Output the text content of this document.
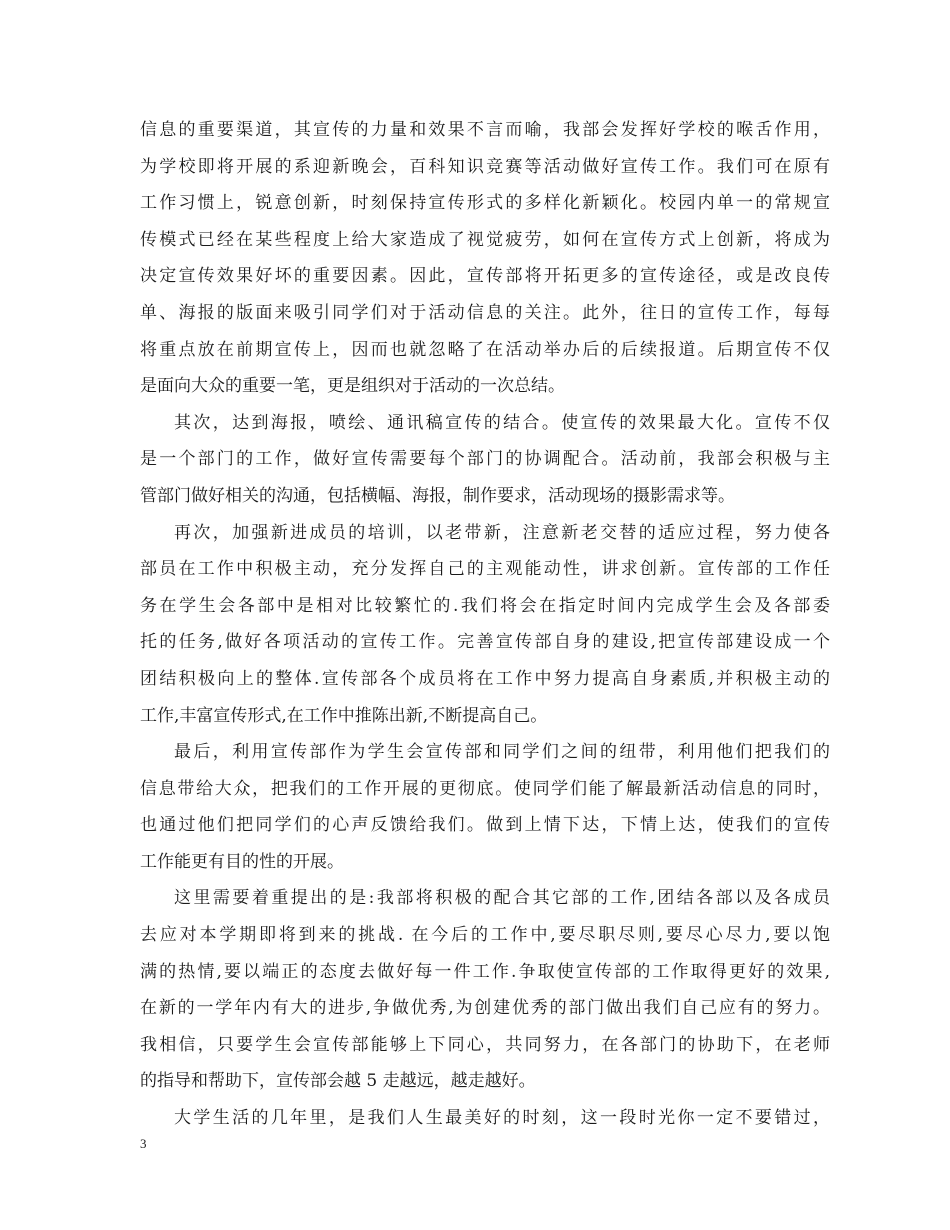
信息的重要渠道，其宣传的力量和效果不言而喻，我部会发挥好学校的喉舌作用，
为学校即将开展的系迎新晚会，百科知识竞赛等活动做好宣传工作。我们可在原有
工作习惯上，锐意创新，时刻保持宣传形式的多样化新颖化。校园内单一的常规宣
传模式已经在某些程度上给大家造成了视觉疲劳，如何在宣传方式上创新，将成为
决定宣传效果好坏的重要因素。因此，宣传部将开拓更多的宣传途径，或是改良传
单、海报的版面来吸引同学们对于活动信息的关注。此外，往日的宣传工作，每每
将重点放在前期宣传上，因而也就忽略了在活动举办后的后续报道。后期宣传不仅
是面向大众的重要一笔，更是组织对于活动的一次总结。
其次，达到海报，喷绘、通讯稿宣传的结合。使宣传的效果最大化。宣传不仅
是一个部门的工作，做好宣传需要每个部门的协调配合。活动前，我部会积极与主
管部门做好相关的沟通，包括横幅、海报，制作要求，活动现场的摄影需求等。
再次，加强新进成员的培训，以老带新，注意新老交替的适应过程，努力使各
部员在工作中积极主动，充分发挥自己的主观能动性，讲求创新。宣传部的工作任
务在学生会各部中是相对比较繁忙的.我们将会在指定时间内完成学生会及各部委
托的任务,做好各项活动的宣传工作。完善宣传部自身的建设,把宣传部建设成一个
团结积极向上的整体.宣传部各个成员将在工作中努力提高自身素质,并积极主动的
工作,丰富宣传形式,在工作中推陈出新,不断提高自己。
最后，利用宣传部作为学生会宣传部和同学们之间的纽带，利用他们把我们的
信息带给大众，把我们的工作开展的更彻底。使同学们能了解最新活动信息的同时，
也通过他们把同学们的心声反馈给我们。做到上情下达，下情上达，使我们的宣传
工作能更有目的性的开展。
这里需要着重提出的是:我部将积极的配合其它部的工作,团结各部以及各成员
去应对本学期即将到来的挑战. 在今后的工作中,要尽职尽则,要尽心尽力,要以饱
满的热情,要以端正的态度去做好每一件工作.争取使宣传部的工作取得更好的效果,
在新的一学年内有大的进步,争做优秀,为创建优秀的部门做出我们自己应有的努力。
我相信，只要学生会宣传部能够上下同心，共同努力，在各部门的协助下，在老师
的指导和帮助下，宣传部会越 5 走越远，越走越好。
大学生活的几年里，是我们人生最美好的时刻，这一段时光你一定不要错过，
3
